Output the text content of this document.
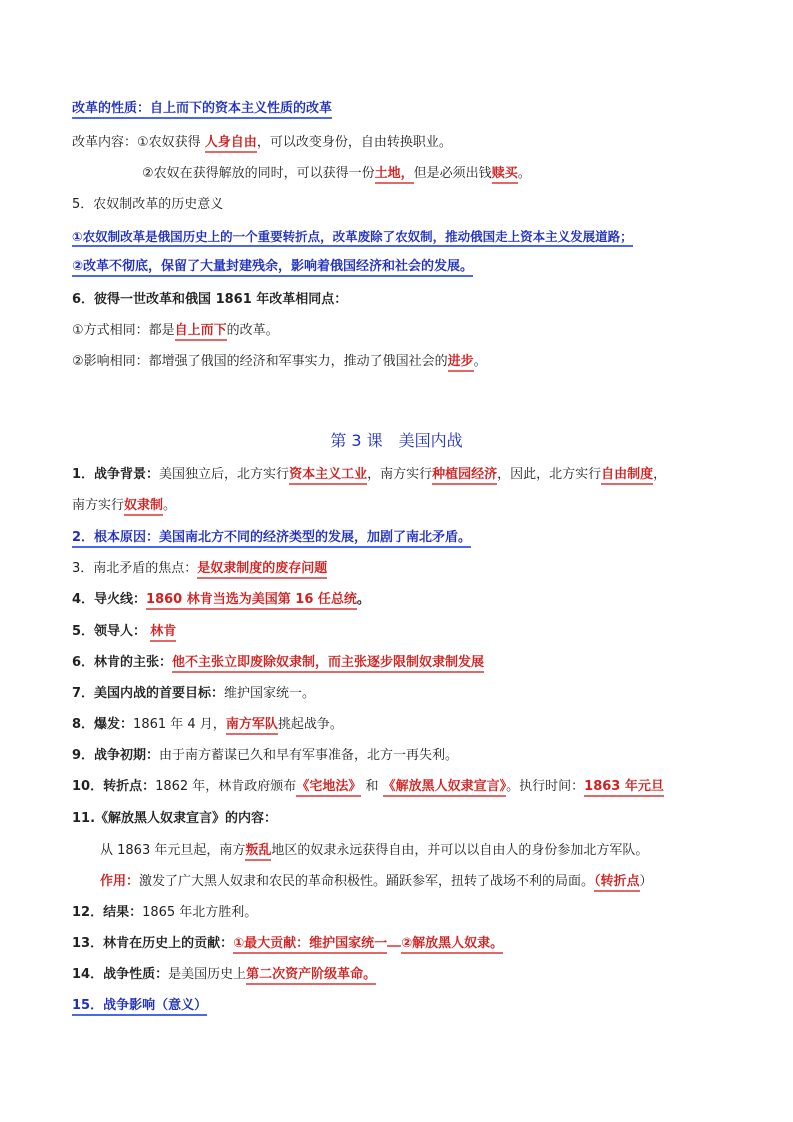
改革的性质：自上而下的资本主义性质的改革
改革内容：①农奴获得 人身自由，可以改变身份，自由转换职业。
②农奴在获得解放的同时，可以获得一份土地，但是必须出钱赎买。
5．农奴制改革的历史意义
①农奴制改革是俄国历史上的一个重要转折点，改革废除了农奴制，推动俄国走上资本主义发展道路；
②改革不彻底，保留了大量封建残余，影响着俄国经济和社会的发展。
6．彼得一世改革和俄国 1861 年改革相同点：
①方式相同：都是自上而下的改革。
②影响相同：都增强了俄国的经济和军事实力，推动了俄国社会的进步。
第 3 课 美国内战
1．战争背景：美国独立后，北方实行资本主义工业，南方实行种植园经济，因此，北方实行自由制度，
南方实行奴隶制。
2．根本原因：美国南北方不同的经济类型的发展，加剧了南北矛盾。
3．南北矛盾的焦点：是奴隶制度的废存问题
4．导火线：1860 林肯当选为美国第 16 任总统。
5．领导人： 林肯
6．林肯的主张：他不主张立即废除奴隶制，而主张逐步限制奴隶制发展
7．美国内战的首要目标：维护国家统一。
8．爆发：1861 年 4 月，南方军队挑起战争。
9．战争初期：由于南方蓄谋已久和早有军事准备，北方一再失利。
10．转折点：1862 年，林肯政府颁布《宅地法》 和 《解放黑人奴隶宣言》。执行时间：1863 年元旦
11.《解放黑人奴隶宣言》的内容：
从 1863 年元旦起，南方叛乱地区的奴隶永远获得自由，并可以以自由人的身份参加北方军队。
作用：激发了广大黑人奴隶和农民的革命积极性。踊跃参军，扭转了战场不利的局面。（转折点）
12．结果：1865 年北方胜利。
13．林肯在历史上的贡献：①最大贡献：维护国家统一 ②解放黑人奴隶。
14．战争性质：是美国历史上第二次资产阶级革命。
15．战争影响（意义）
